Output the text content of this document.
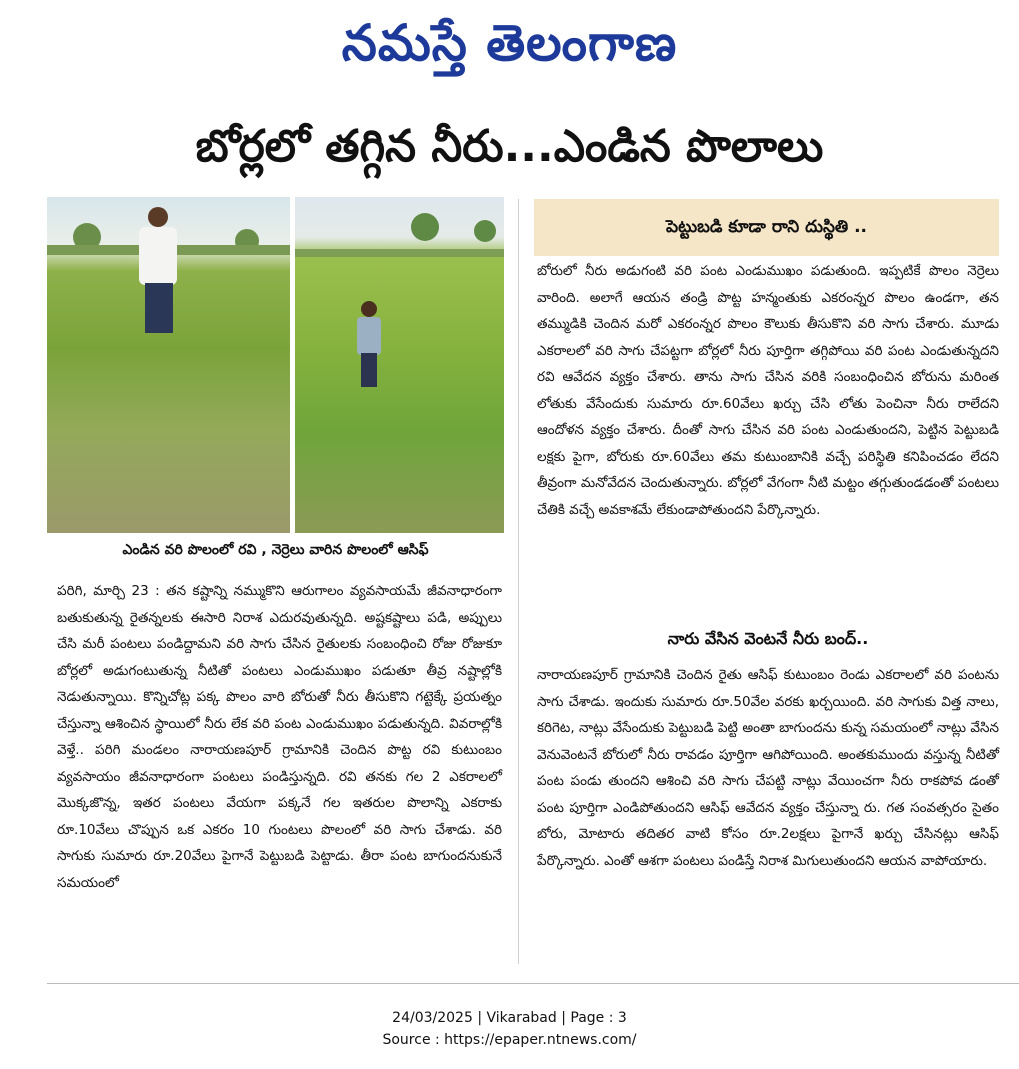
నమస్తే తెలంగాణ
బోర్లలో తగ్గిన నీరు...ఎండిన పొలాలు
ఎండిన వరి పొలంలో రవి , నెర్రెలు వారిన పొలంలో ఆసిఫ్
పరిగి, మార్చి 23 : తన కష్టాన్ని నమ్ముకొని ఆరుగాలం వ్యవసాయమే జీవనాధారంగా బతుకుతున్న రైతన్నలకు ఈసారి నిరాశ ఎదురవుతున్నది. అష్టకష్టాలు పడి, అప్పులు చేసి మరీ పంటలు పండిద్దామని వరి సాగు చేసిన రైతులకు సంబంధించి రోజు రోజుకూ బోర్లలో అడుగంటుతున్న నీటితో పంటలు ఎండుముఖం పడుతూ తీవ్ర నష్టాల్లోకి నెడుతున్నాయి. కొన్నిచోట్ల పక్క పొలం వారి బోరుతో నీరు తీసుకొని గట్టెక్కే ప్రయత్నం చేస్తున్నా ఆశించిన స్థాయిలో నీరు లేక వరి పంట ఎండుముఖం పడుతున్నది. వివరాల్లోకి వెళ్తే.. పరిగి మండలం నారాయణపూర్ గ్రామానికి చెందిన పొట్ట రవి కుటుంబం వ్యవసాయం జీవనాధారంగా పంటలు పండిస్తున్నది. రవి తనకు గల 2 ఎకరాలలో మొక్కజొన్న, ఇతర పంటలు వేయగా పక్కనే గల ఇతరుల పొలాన్ని ఎకరాకు రూ.10వేలు చొప్పున ఒక ఎకరం 10 గుంటలు పొలంలో వరి సాగు చేశాడు. వరి సాగుకు సుమారు రూ.20వేలు పైగానే పెట్టుబడి పెట్టాడు. తీరా పంట బాగుందనుకునే సమయంలో
పెట్టుబడి కూడా రాని దుస్థితి ..
బోరులో నీరు అడుగంటి వరి పంట ఎండుముఖం పడుతుంది. ఇప్పటికే పొలం నెర్రెలు వారింది. అలాగే ఆయన తండ్రి పొట్ట హన్మంతుకు ఎకరంన్నర పొలం ఉండగా, తన తమ్ముడికి చెందిన మరో ఎకరంన్నర పొలం కౌలుకు తీసుకొని వరి సాగు చేశారు. మూడు ఎకరాలలో వరి సాగు చేపట్టగా బోర్లలో నీరు పూర్తిగా తగ్గిపోయి వరి పంట ఎండుతున్నదని రవి ఆవేదన వ్యక్తం చేశారు. తాను సాగు చేసిన వరికి సంబంధించిన బోరును మరింత లోతుకు వేసేందుకు సుమారు రూ.60వేలు ఖర్చు చేసి లోతు పెంచినా నీరు రాలేదని ఆందోళన వ్యక్తం చేశారు. దీంతో సాగు చేసిన వరి పంట ఎండుతుందని, పెట్టిన పెట్టుబడి లక్షకు పైగా, బోరుకు రూ.60వేలు తమ కుటుంబానికి వచ్చే పరిస్థితి కనిపించడం లేదని తీవ్రంగా మనోవేదన చెందుతున్నారు. బోర్లలో వేగంగా నీటి మట్టం తగ్గుతుండడంతో పంటలు చేతికి వచ్చే అవకాశమే లేకుండాపోతుందని పేర్కొన్నారు.
నారు వేసిన వెంటనే నీరు బంద్..
నారాయణపూర్ గ్రామానికి చెందిన రైతు ఆసిఫ్ కుటుంబం రెండు ఎకరాలలో వరి పంటను సాగు చేశాడు. ఇందుకు సుమారు రూ.50వేల వరకు ఖర్చయింది. వరి సాగుకు విత్త నాలు, కరిగెట, నాట్లు వేసేందుకు పెట్టుబడి పెట్టి అంతా బాగుందను కున్న సమయంలో నాట్లు వేసిన వెనువెంటనే బోరులో నీరు రావడం పూర్తిగా ఆగిపోయింది. అంతకుముందు వస్తున్న నీటితో పంట పండు తుందని ఆశించి వరి సాగు చేపట్టి నాట్లు వేయించగా నీరు రాకపోవ డంతో పంట పూర్తిగా ఎండిపోతుందని ఆసిఫ్ ఆవేదన వ్యక్తం చేస్తున్నా రు. గత సంవత్సరం సైతం బోరు, మోటారు తదితర వాటి కోసం రూ.2లక్షలు పైగానే ఖర్చు చేసినట్లు ఆసిఫ్ పేర్కొన్నారు. ఎంతో ఆశగా పంటలు పండిస్తే నిరాశ మిగులుతుందని ఆయన వాపోయారు.
24/03/2025 | Vikarabad | Page : 3
Source : https://epaper.ntnews.com/
